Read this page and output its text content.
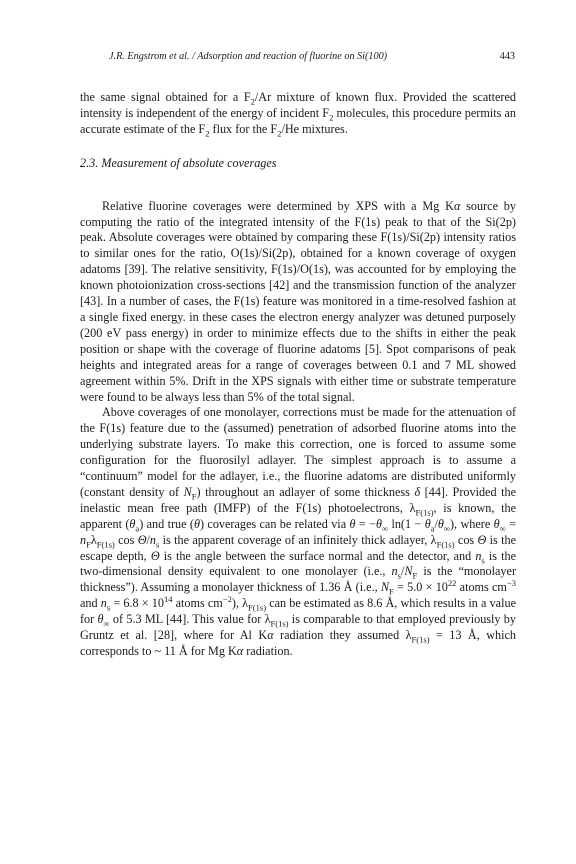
J.R. Engstrom et al. / Adsorption and reaction of fluorine on Si(100)	443

the same signal obtained for a $F_2/Ar$ mixture of known flux. Provided the scattered intensity is independent of the energy of incident $F_2$ molecules, this procedure permits an accurate estimate of the $F_2$ flux for the $F_2/He$ mixtures.

2.3. Measurement of absolute coverages

Relative fluorine coverages were determined by XPS with a Mg Kα source by computing the ratio of the integrated intensity of the F(1s) peak to that of the Si(2p) peak. Absolute coverages were obtained by comparing these F(1s)/Si(2p) intensity ratios to similar ones for the ratio, O(1s)/Si(2p), obtained for a known coverage of oxygen adatoms [39]. The relative sensitivity, F(1s)/O(1s), was accounted for by employing the known photoionization cross-sections [42] and the transmission function of the analyzer [43]. In a number of cases, the F(1s) feature was monitored in a time-resolved fashion at a single fixed energy. in these cases the electron energy analyzer was detuned purposely (200 eV pass energy) in order to minimize effects due to the shifts in either the peak position or shape with the coverage of fluorine adatoms [5]. Spot comparisons of peak heights and integrated areas for a range of coverages between 0.1 and 7 ML showed agreement within 5%. Drift in the XPS signals with either time or substrate temperature were found to be always less than 5% of the total signal.

Above coverages of one monolayer, corrections must be made for the attenuation of the F(1s) feature due to the (assumed) penetration of adsorbed fluorine atoms into the underlying substrate layers. To make this correction, one is forced to assume some configuration for the fluorosilyl adlayer. The simplest approach is to assume a “continuum” model for the adlayer, i.e., the fluorine adatoms are distributed uniformly (constant density of $N_F$) throughout an adlayer of some thickness δ [44]. Provided the inelastic mean free path (IMFP) of the F(1s) photoelectrons, $\lambda_{F(1s)}$, is known, the apparent $(\theta_a)$ and true (θ) coverages can be related via $\theta = -\theta_\infty$ $\ln(1 - \theta_a/\theta_\infty)$, where $\theta_\infty = n_F\lambda_{F(1s)}$ $\cos \Theta/n_s$ is the apparent coverage of an infinitely thick adlayer, $\lambda_{F(1s)}$ cos Θ is the escape depth, Θ is the angle between the surface normal and the detector, and $n_s$ is the two-dimensional density equivalent to one monolayer (i.e., $n_s/N_F$ is the “monolayer thickness”). Assuming a monolayer thickness of 1.36 Å (i.e., $N_F = 5.0 \times 10^{22}$ atoms $cm^{-3}$ and $n_s = 6.8 \times 10^{14}$ atoms $cm^{-2}$), $\lambda_{F(1s)}$ can be estimated as 8.6 Å, which results in a value for $\theta_\infty$ of 5.3 ML [44]. This value for $\lambda_{F(1s)}$ is comparable to that employed previously by Gruntz et al. [28], where for Al Kα radiation they assumed $\lambda_{F(1s)} = 13$ Å, which corresponds to ~ 11 Å for Mg Kα radiation.
